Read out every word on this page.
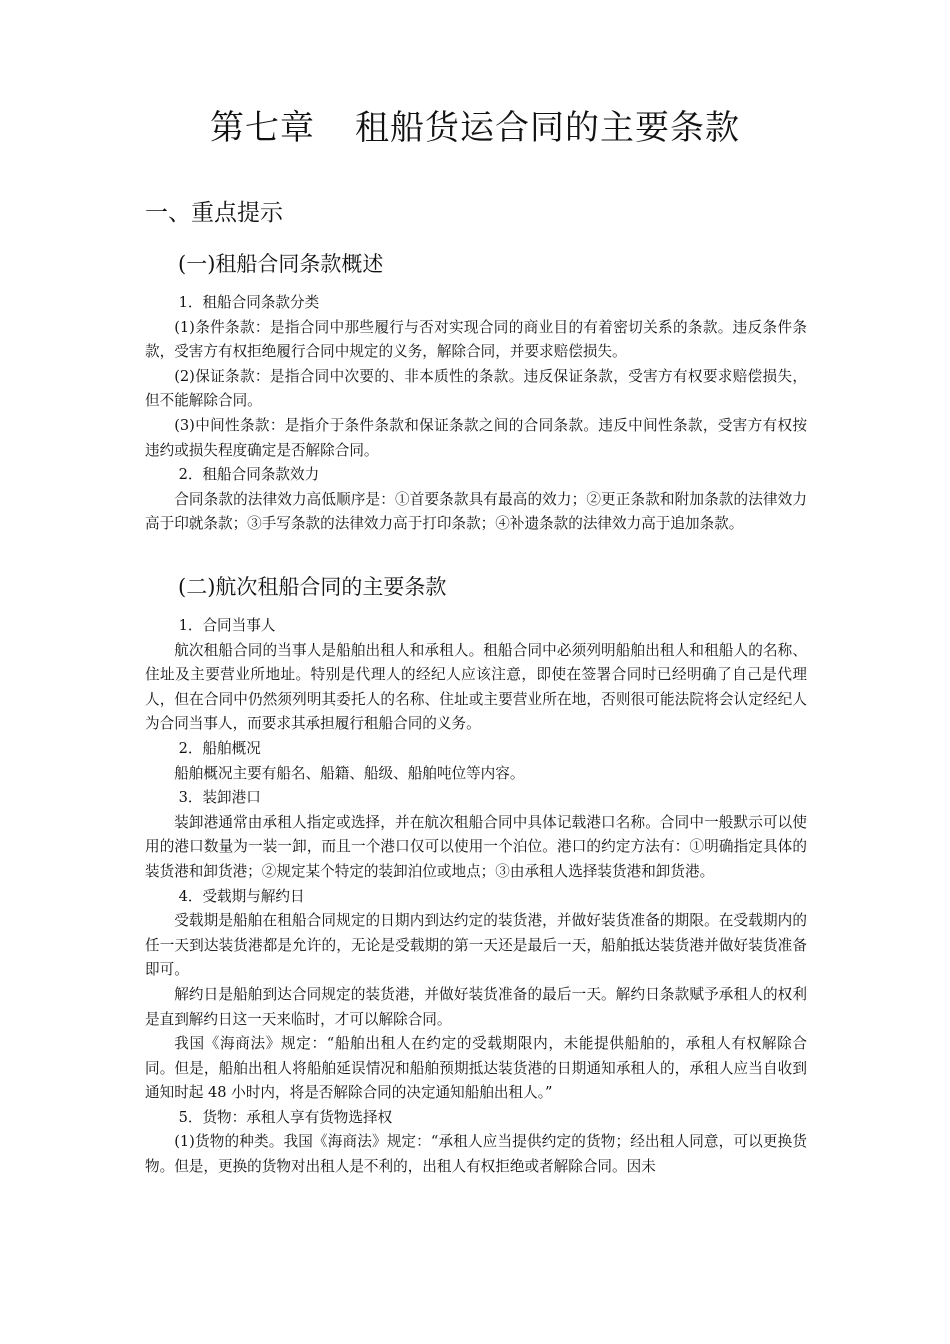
第七章 租船货运合同的主要条款
一、重点提示
(一)租船合同条款概述

1．租船合同条款分类

(1)条件条款：是指合同中那些履行与否对实现合同的商业目的有着密切关系的条款。违反条件条款，受害方有权拒绝履行合同中规定的义务，解除合同，并要求赔偿损失。

(2)保证条款：是指合同中次要的、非本质性的条款。违反保证条款，受害方有权要求赔偿损失，但不能解除合同。

(3)中间性条款：是指介于条件条款和保证条款之间的合同条款。违反中间性条款，受害方有权按违约或损失程度确定是否解除合同。

2．租船合同条款效力

合同条款的法律效力高低顺序是：①首要条款具有最高的效力；②更正条款和附加条款的法律效力高于印就条款；③手写条款的法律效力高于打印条款；④补遗条款的法律效力高于追加条款。

(二)航次租船合同的主要条款

1．合同当事人

航次租船合同的当事人是船舶出租人和承租人。租船合同中必须列明船舶出租人和租船人的名称、住址及主要营业所地址。特别是代理人的经纪人应该注意，即使在签署合同时已经明确了自己是代理人，但在合同中仍然须列明其委托人的名称、住址或主要营业所在地，否则很可能法院将会认定经纪人为合同当事人，而要求其承担履行租船合同的义务。

2．船舶概况

船舶概况主要有船名、船籍、船级、船舶吨位等内容。

3．装卸港口

装卸港通常由承租人指定或选择，并在航次租船合同中具体记载港口名称。合同中一般默示可以使用的港口数量为一装一卸，而且一个港口仅可以使用一个泊位。港口的约定方法有：①明确指定具体的装货港和卸货港；②规定某个特定的装卸泊位或地点；③由承租人选择装货港和卸货港。

4．受载期与解约日

受载期是船舶在租船合同规定的日期内到达约定的装货港，并做好装货准备的期限。在受载期内的任一天到达装货港都是允许的，无论是受载期的第一天还是最后一天，船舶抵达装货港并做好装货准备即可。

解约日是船舶到达合同规定的装货港，并做好装货准备的最后一天。解约日条款赋予承租人的权利是直到解约日这一天来临时，才可以解除合同。

我国《海商法》规定：“船舶出租人在约定的受载期限内，未能提供船舶的，承租人有权解除合同。但是，船舶出租人将船舶延误情况和船舶预期抵达装货港的日期通知承租人的，承租人应当自收到通知时起 48 小时内，将是否解除合同的决定通知船舶出租人。”

5．货物：承租人享有货物选择权

(1)货物的种类。我国《海商法》规定：“承租人应当提供约定的货物；经出租人同意，可以更换货物。但是，更换的货物对出租人是不利的，出租人有权拒绝或者解除合同。因未
